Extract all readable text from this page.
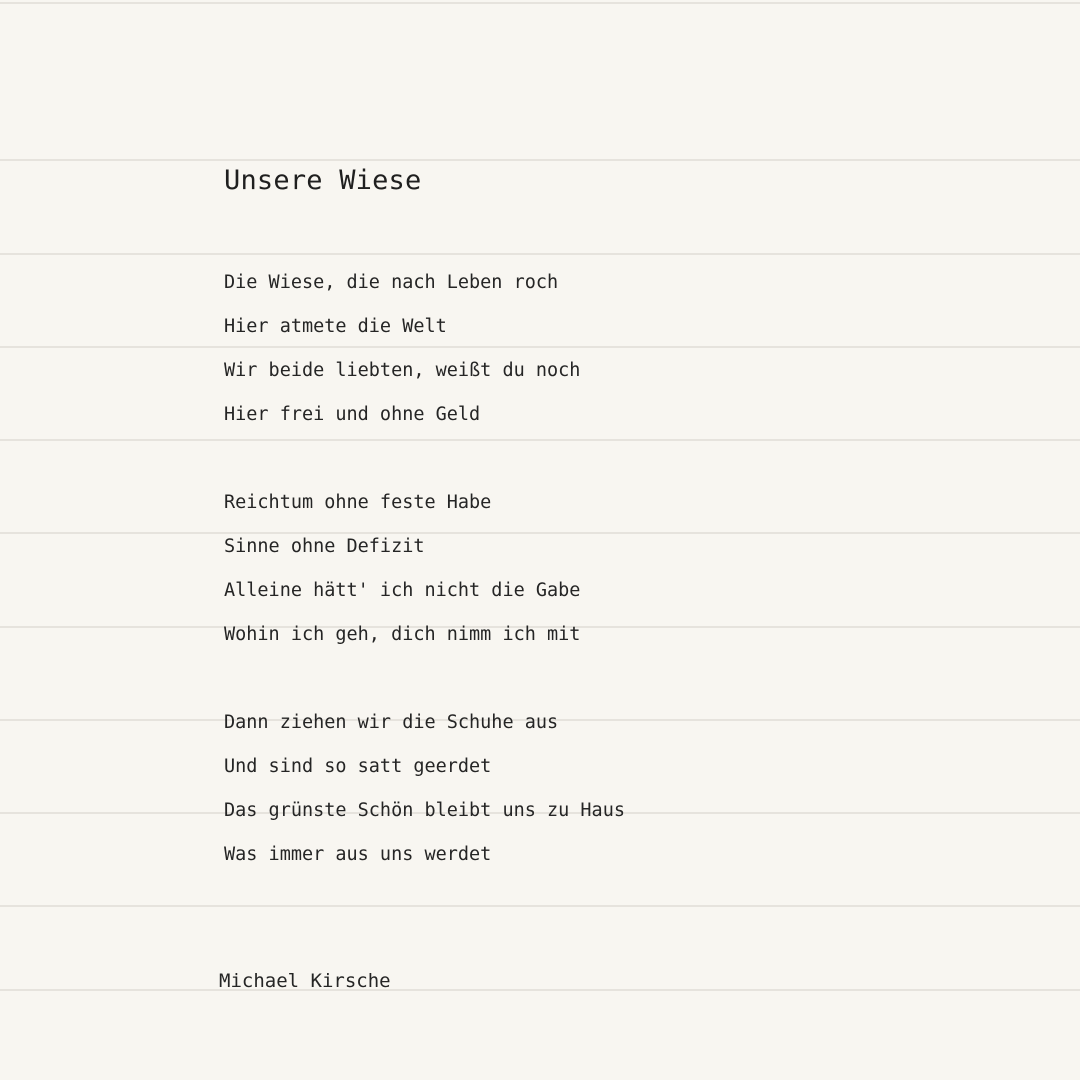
Unsere Wiese
Die Wiese, die nach Leben roch
Hier atmete die Welt
Wir beide liebten, weißt du noch
Hier frei und ohne Geld
Reichtum ohne feste Habe
Sinne ohne Defizit
Alleine hätt' ich nicht die Gabe
Wohin ich geh, dich nimm ich mit
Dann ziehen wir die Schuhe aus
Und sind so satt geerdet
Das grünste Schön bleibt uns zu Haus
Was immer aus uns werdet
Michael Kirsche
